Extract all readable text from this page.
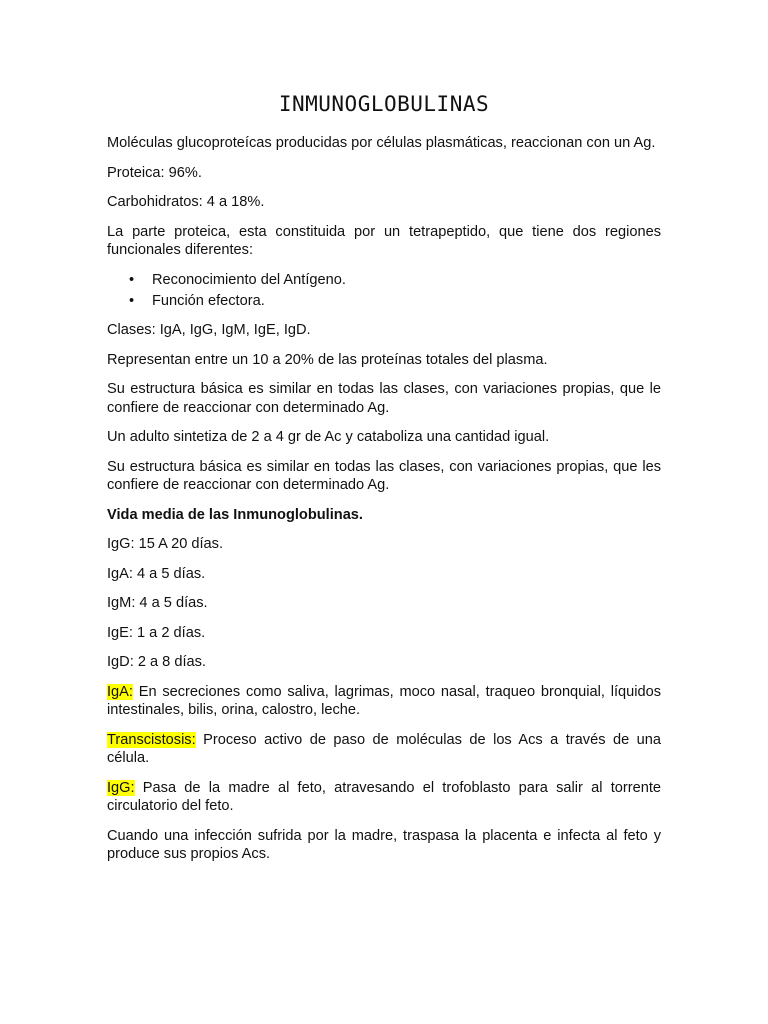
INMUNOGLOBULINAS

Moléculas glucoproteícas producidas por células plasmáticas, reaccionan con un Ag.

Proteica: 96%.

Carbohidratos: 4 a 18%.

La parte proteica, esta constituida por un tetrapeptido, que tiene dos regiones funcionales diferentes:

• Reconocimiento del Antígeno.
• Función efectora.

Clases: IgA, IgG, IgM, IgE, IgD.

Representan entre un 10 a 20% de las proteínas totales del plasma.

Su estructura básica es similar en todas las clases, con variaciones propias, que le confiere de reaccionar con determinado Ag.

Un adulto sintetiza de 2 a 4 gr de Ac y cataboliza una cantidad igual.

Su estructura básica es similar en todas las clases, con variaciones propias, que les confiere de reaccionar con determinado Ag.

Vida media de las Inmunoglobulinas.

IgG: 15 A 20 días.

IgA: 4 a 5 días.

IgM: 4 a 5 días.

IgE: 1 a 2 días.

IgD: 2 a 8 días.

IgA: En secreciones como saliva, lagrimas, moco nasal, traqueo bronquial, líquidos intestinales, bilis, orina, calostro, leche.

Transcistosis: Proceso activo de paso de moléculas de los Acs a través de una célula.

IgG: Pasa de la madre al feto, atravesando el trofoblasto para salir al torrente circulatorio del feto.

Cuando una infección sufrida por la madre, traspasa la placenta e infecta al feto y produce sus propios Acs.
